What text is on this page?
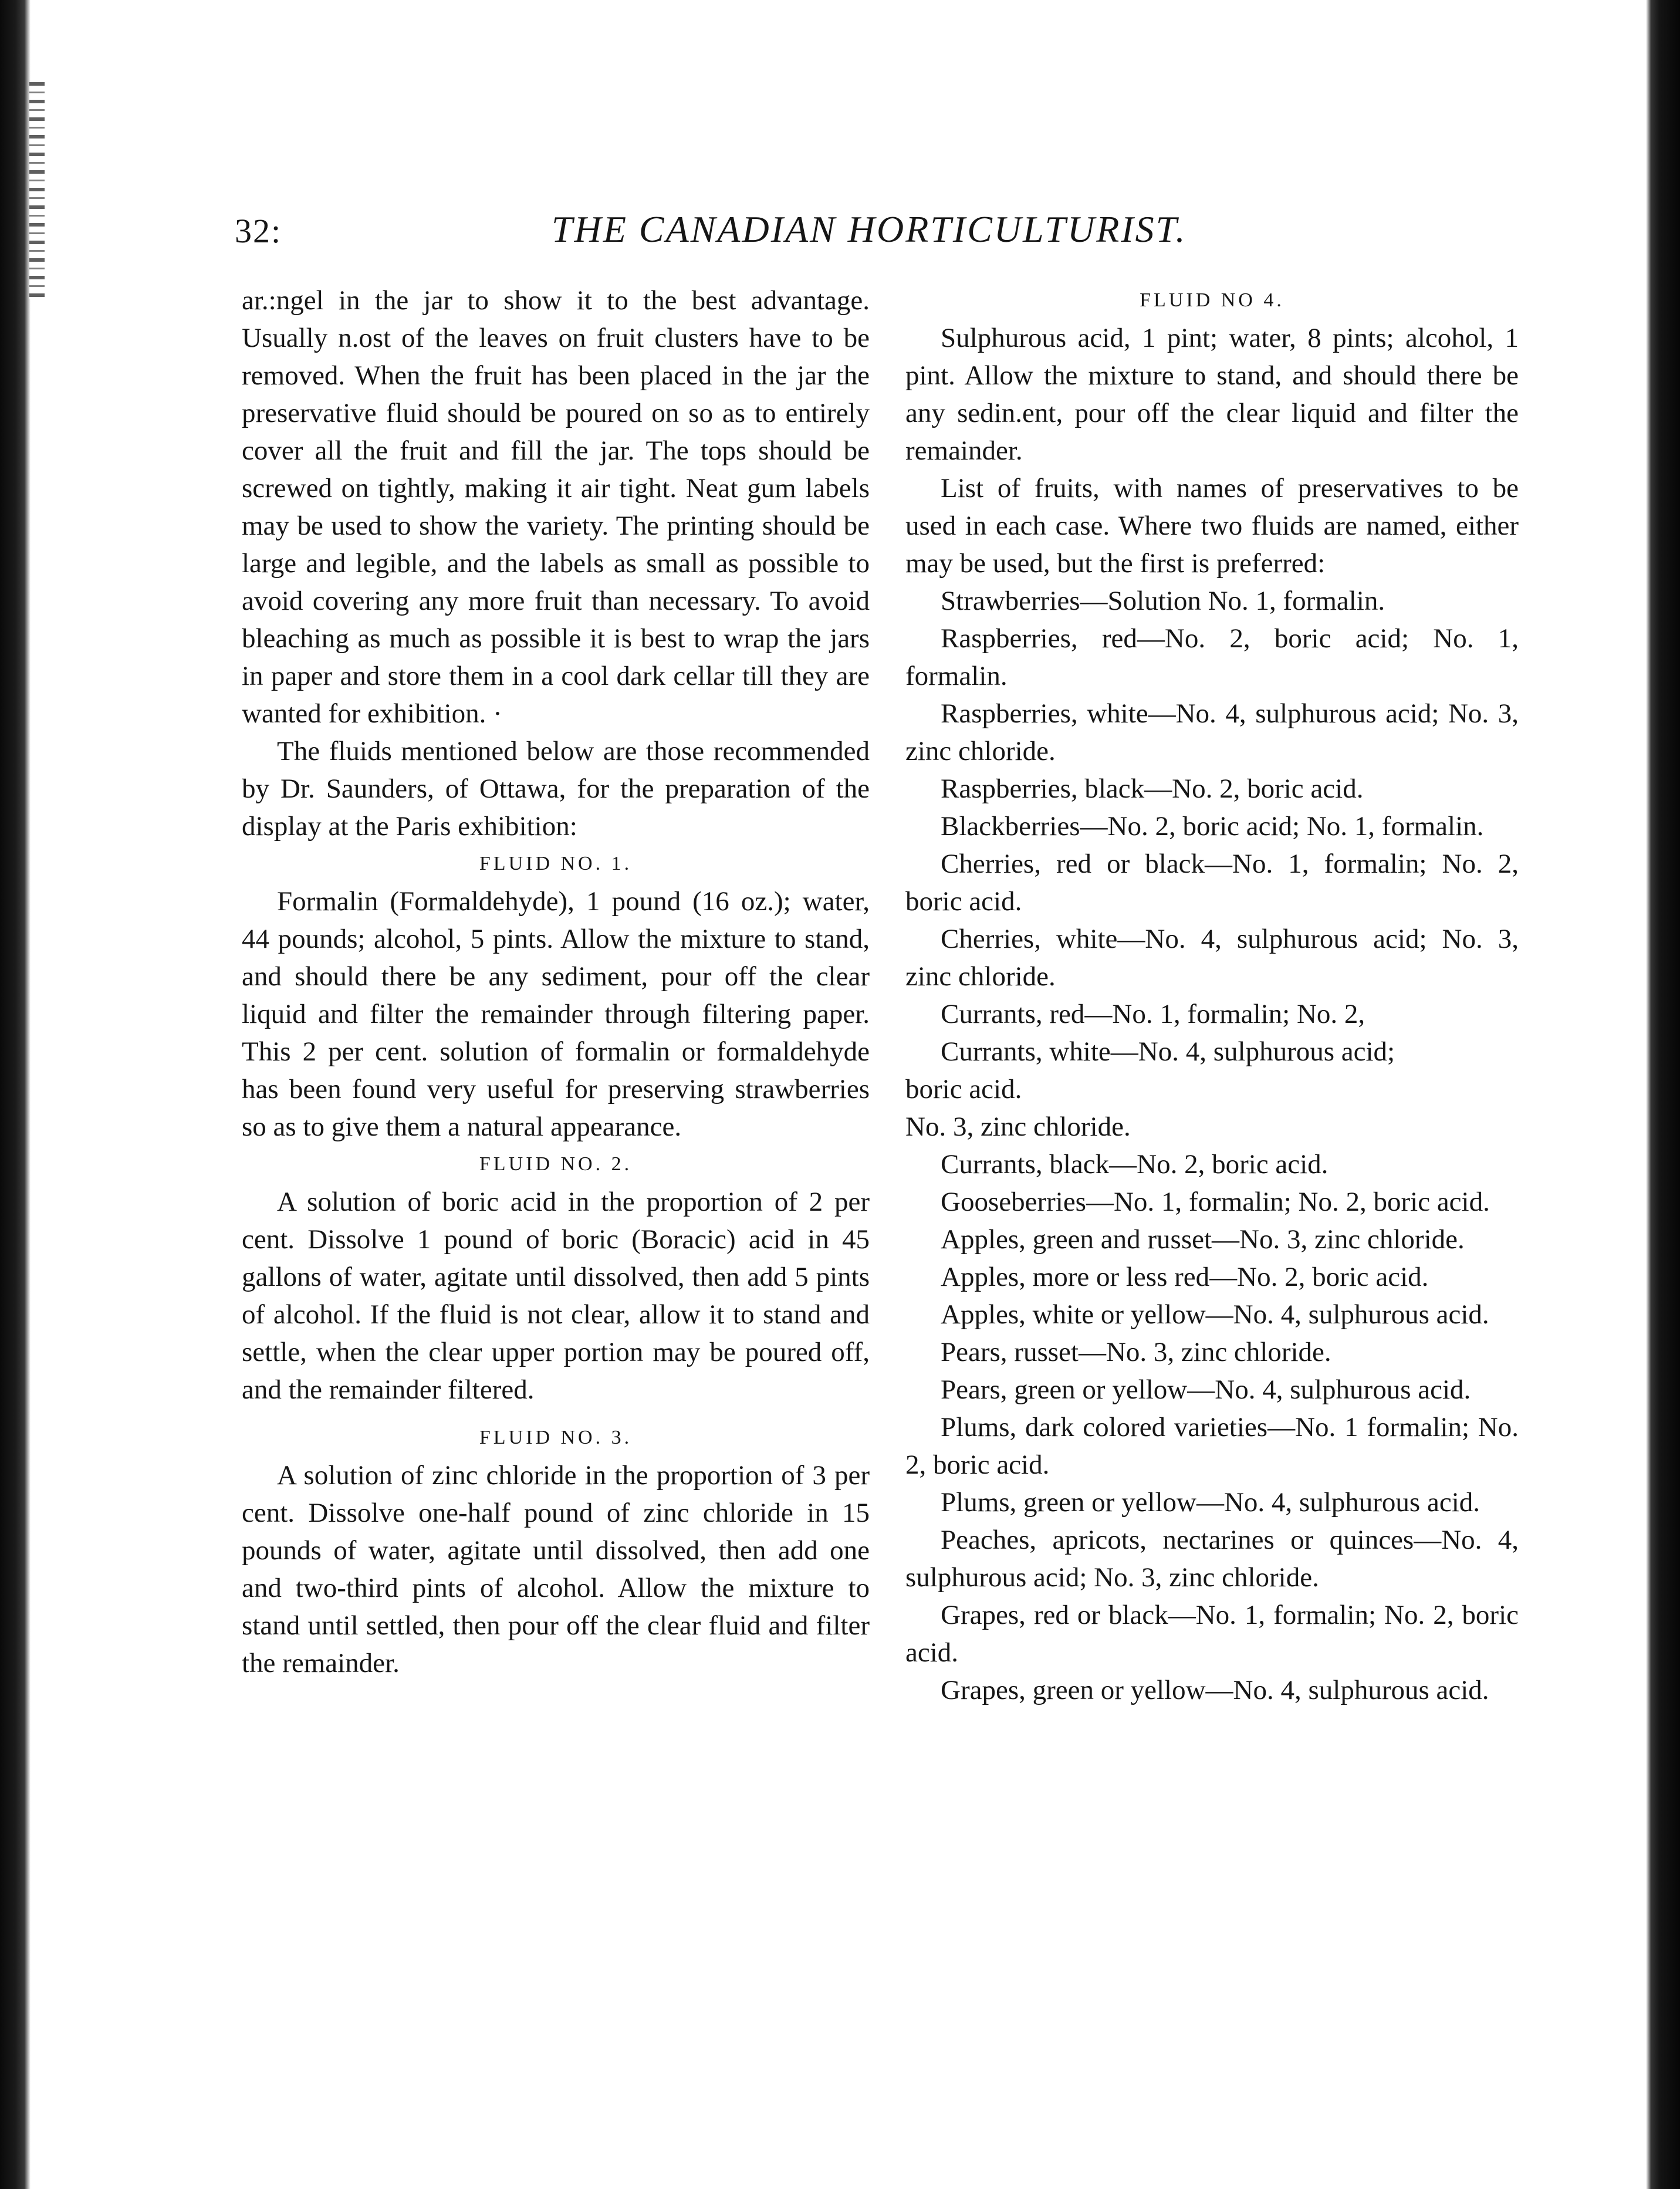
32:	THE CANADIAN HORTICULTURIST.

ar.:ngel in the jar to show it to the best advantage. Usually n.ost of the leaves on fruit clusters have to be removed. When the fruit has been placed in the jar the preservative fluid should be poured on so as to entirely cover all the fruit and fill the jar. The tops should be screwed on tightly, making it air tight. Neat gum labels may be used to show the variety. The printing should be large and legible, and the labels as small as possible to avoid covering any more fruit than necessary. To avoid bleaching as much as possible it is best to wrap the jars in paper and store them in a cool dark cellar till they are wanted for exhibition. ·

The fluids mentioned below are those recommended by Dr. Saunders, of Ottawa, for the preparation of the display at the Paris exhibition:

FLUID NO. 1.

Formalin (Formaldehyde), 1 pound (16 oz.); water, 44 pounds; alcohol, 5 pints. Allow the mixture to stand, and should there be any sediment, pour off the clear liquid and filter the remainder through filtering paper. This 2 per cent. solution of formalin or formaldehyde has been found very useful for preserving strawberries so as to give them a natural appearance.

FLUID NO. 2.

A solution of boric acid in the proportion of 2 per cent. Dissolve 1 pound of boric (Boracic) acid in 45 gallons of water, agitate until dissolved, then add 5 pints of alcohol. If the fluid is not clear, allow it to stand and settle, when the clear upper portion may be poured off, and the remainder filtered.

FLUID NO. 3.

A solution of zinc chloride in the proportion of 3 per cent. Dissolve one-half pound of zinc chloride in 15 pounds of water, agitate until dissolved, then add one and two-third pints of alcohol. Allow the mixture to stand until settled, then pour off the clear fluid and filter the remainder.

FLUID NO 4.

Sulphurous acid, 1 pint; water, 8 pints; alcohol, 1 pint. Allow the mixture to stand, and should there be any sedin.ent, pour off the clear liquid and filter the remainder.

List of fruits, with names of preservatives to be used in each case. Where two fluids are named, either may be used, but the first is preferred:

Strawberries—Solution No. 1, formalin.

Raspberries, red—No. 2, boric acid; No. 1, formalin.

Raspberries, white—No. 4, sulphurous acid; No. 3, zinc chloride.

Raspberries, black—No. 2, boric acid.

Blackberries—No. 2, boric acid; No. 1, formalin.

Cherries, red or black—No. 1, formalin; No. 2, boric acid.

Cherries, white—No. 4, sulphurous acid; No. 3, zinc chloride.

Currants, red—No. 1, formalin; No. 2,

Currants, white—No. 4, sulphurous acid;

boric acid.

No. 3, zinc chloride.

Currants, black—No. 2, boric acid.

Gooseberries—No. 1, formalin; No. 2, boric acid.

Apples, green and russet—No. 3, zinc chloride.

Apples, more or less red—No. 2, boric acid.

Apples, white or yellow—No. 4, sulphurous acid.

Pears, russet—No. 3, zinc chloride.

Pears, green or yellow—No. 4, sulphurous acid.

Plums, dark colored varieties—No. 1 formalin; No. 2, boric acid.

Plums, green or yellow—No. 4, sulphurous acid.

Peaches, apricots, nectarines or quinces—No. 4, sulphurous acid; No. 3, zinc chloride.

Grapes, red or black—No. 1, formalin; No. 2, boric acid.

Grapes, green or yellow—No. 4, sulphurous acid.
